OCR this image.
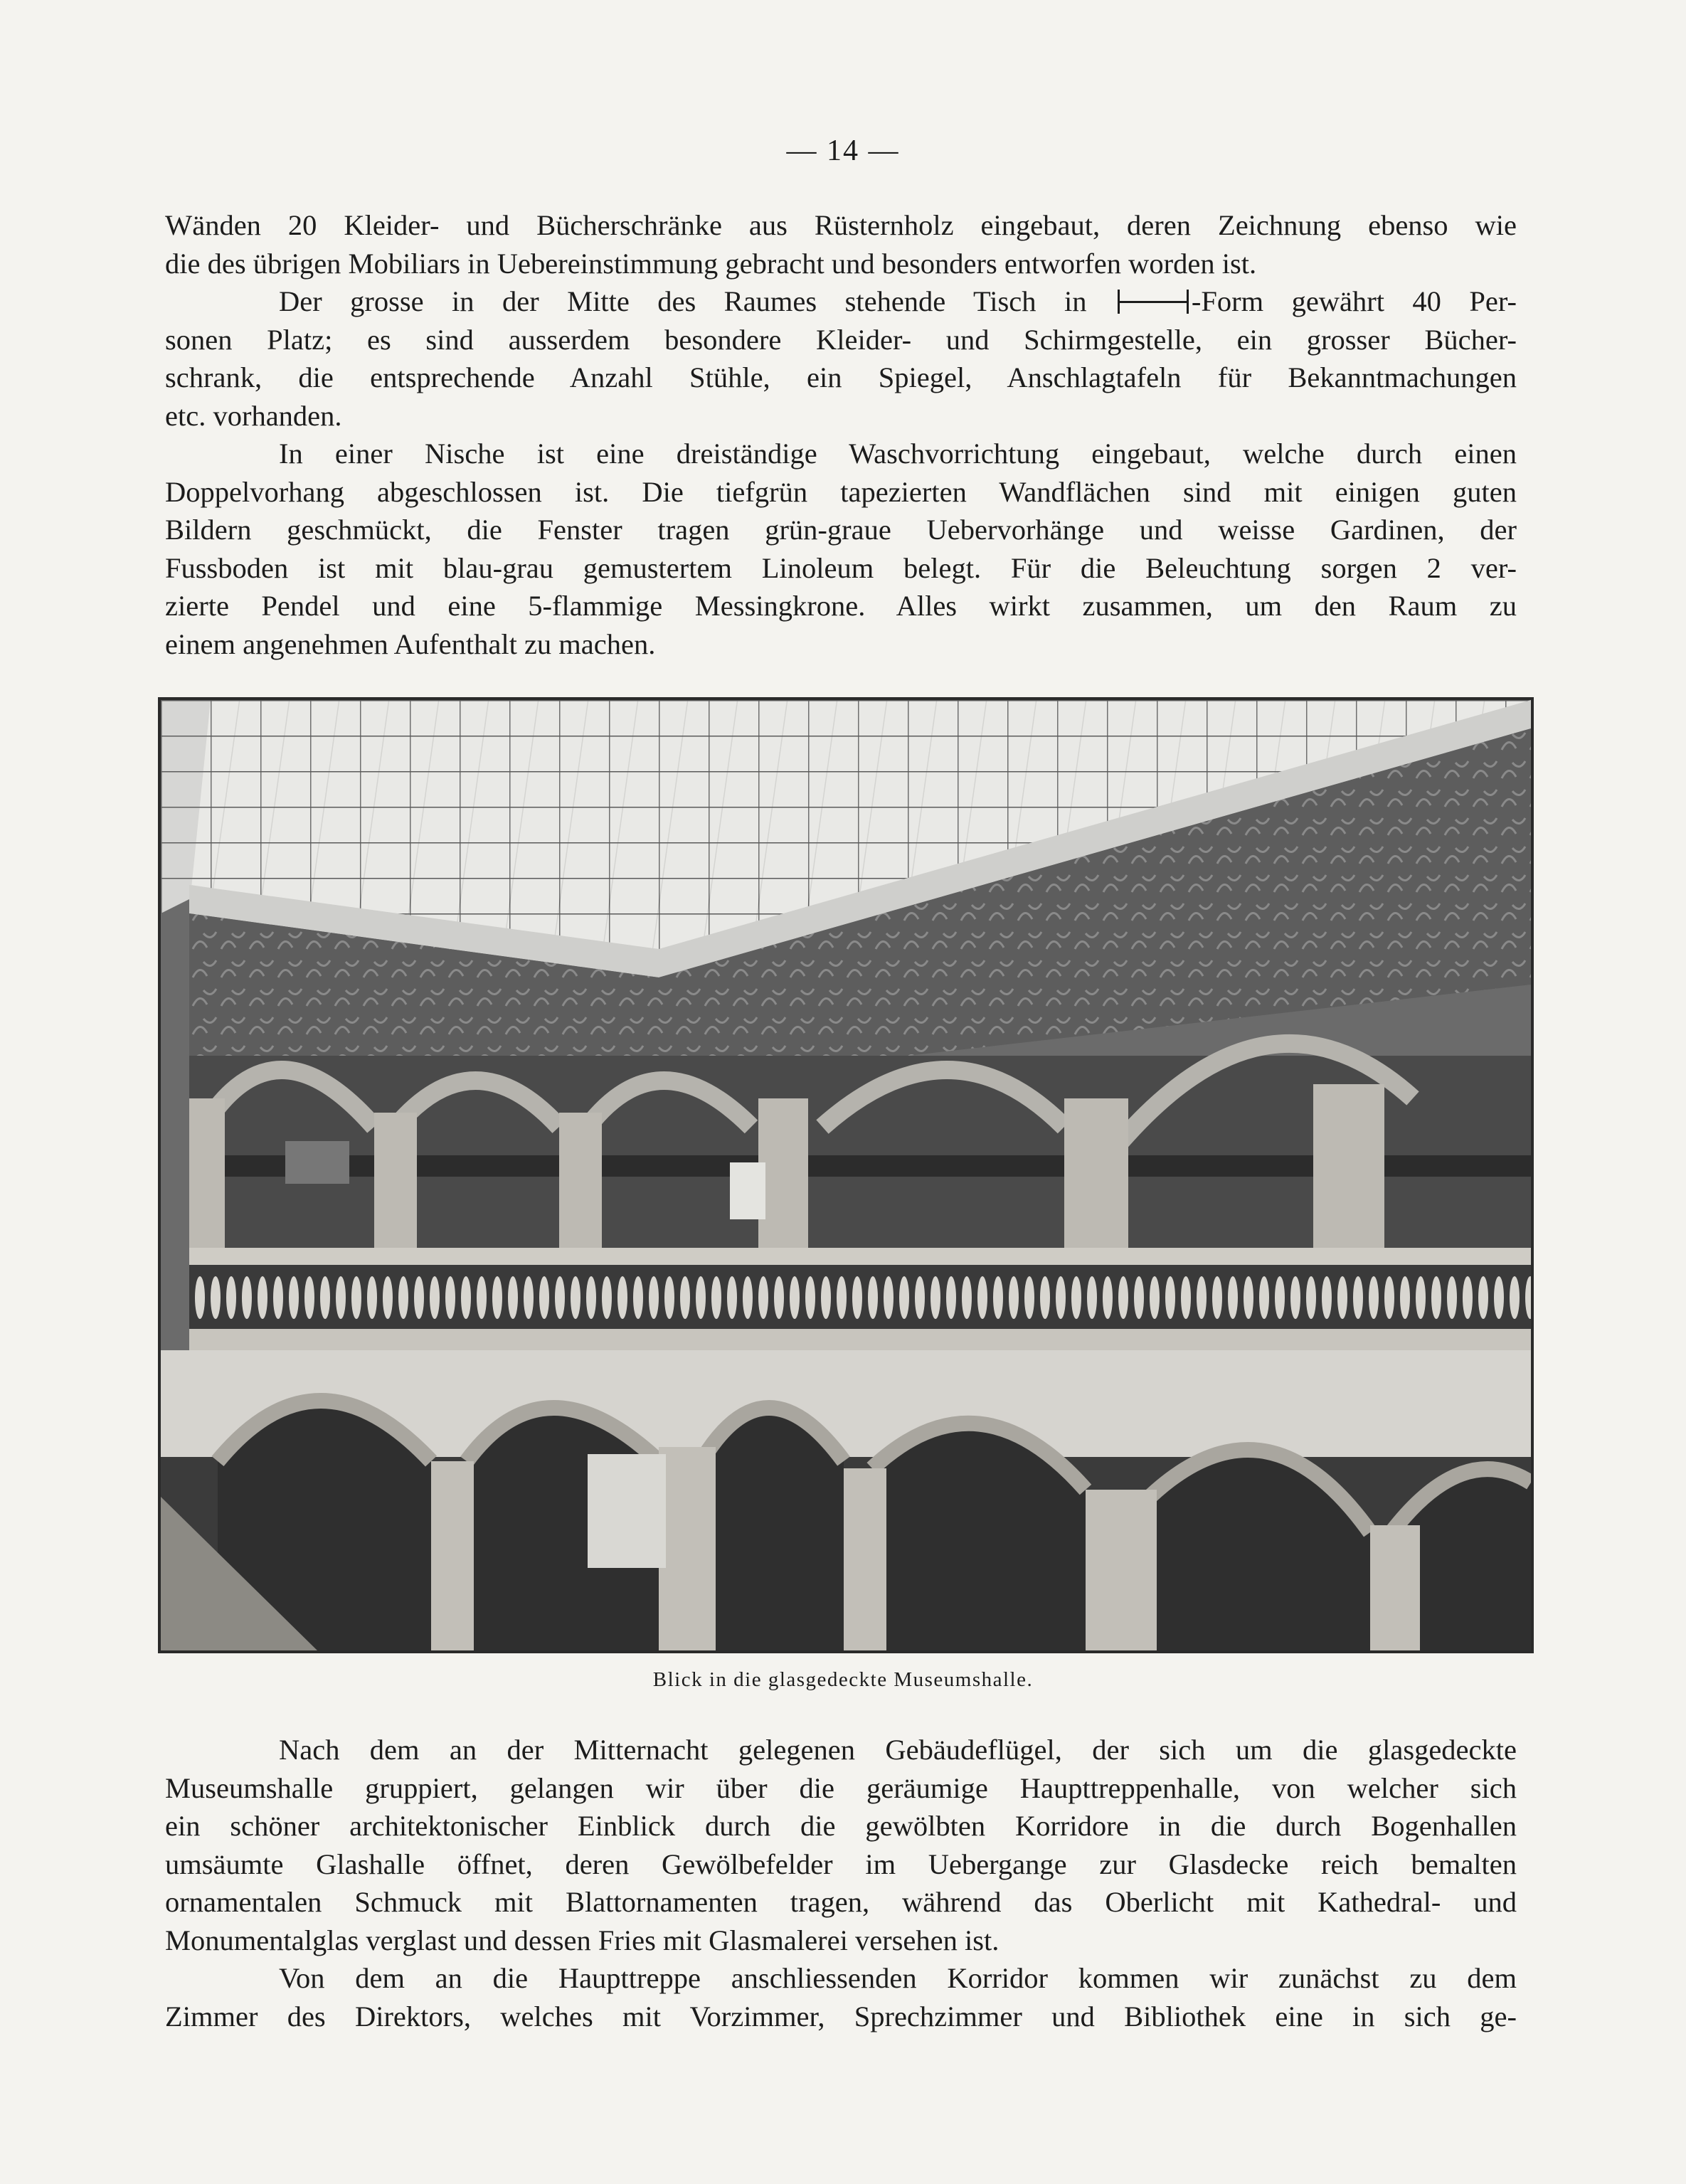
— 14 —

Wänden 20 Kleider- und Bücherschränke aus Rüsternholz eingebaut, deren Zeichnung ebenso wie

die des übrigen Mobiliars in Uebereinstimmung gebracht und besonders entworfen worden ist.

Der grosse in der Mitte des Raumes stehende Tisch in	-Form gewährt 40 Per-

sonen Platz; es sind ausserdem besondere Kleider- und Schirmgestelle, ein grosser Bücher-

schrank, die entsprechende Anzahl Stühle, ein Spiegel, Anschlagtafeln für Bekanntmachungen

etc. vorhanden.

In einer Nische ist eine dreiständige Waschvorrichtung eingebaut, welche durch einen

Doppelvorhang abgeschlossen ist. Die tiefgrün tapezierten Wandflächen sind mit einigen guten

Bildern geschmückt, die Fenster tragen grün-graue Uebervorhänge und weisse Gardinen, der

Fussboden ist mit blau-grau gemustertem Linoleum belegt. Für die Beleuchtung sorgen 2 ver-

zierte Pendel und eine 5-flammige Messingkrone. Alles wirkt zusammen, um den Raum zu

einem angenehmen Aufenthalt zu machen.

Blick in die glasgedeckte Museumshalle.

Nach dem an der Mitternacht gelegenen Gebäudeflügel, der sich um die glasgedeckte

Museumshalle gruppiert, gelangen wir über die geräumige Haupttreppenhalle, von welcher sich

ein schöner architektonischer Einblick durch die gewölbten Korridore in die durch Bogenhallen

umsäumte Glashalle öffnet, deren Gewölbefelder im Uebergange zur Glasdecke reich bemalten

ornamentalen Schmuck mit Blattornamenten tragen, während das Oberlicht mit Kathedral- und

Monumentalglas verglast und dessen Fries mit Glasmalerei versehen ist.

Von dem an die Haupttreppe anschliessenden Korridor kommen wir zunächst zu dem

Zimmer des Direktors, welches mit Vorzimmer, Sprechzimmer und Bibliothek eine in sich ge-
